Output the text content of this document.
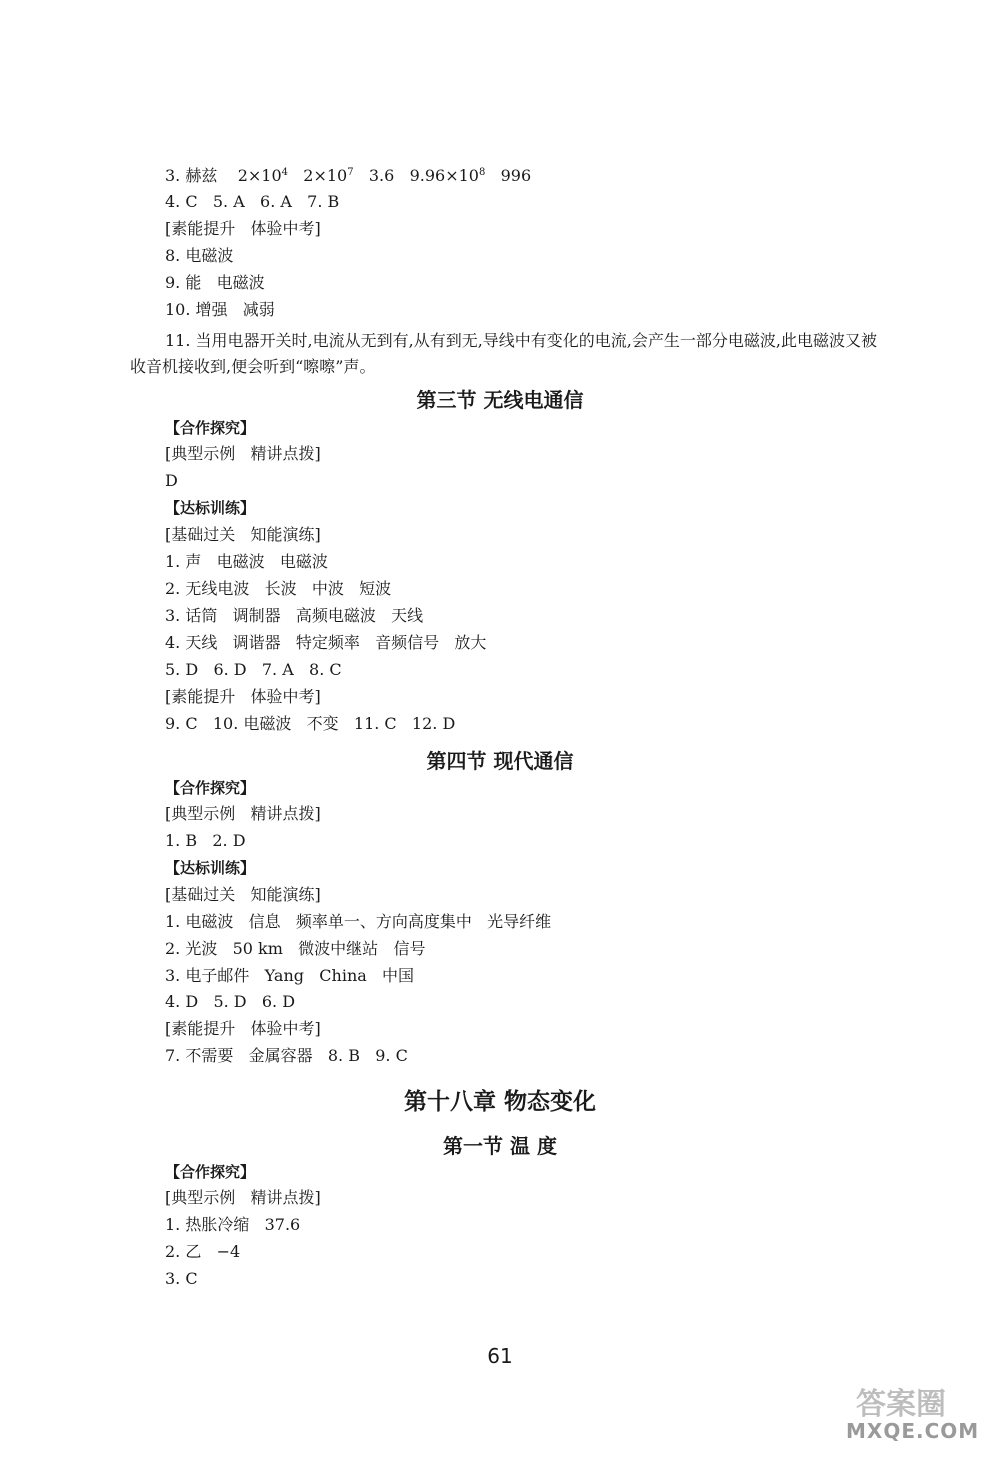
3. 赫兹    $2\times 10^4$   $2\times 10^7$   3.6   $9.96\times 10^8$   996
4. C   5. A   6. A   7. B
[素能提升   体验中考]
8. 电磁波
9. 能   电磁波
10. 增强   减弱
11. 当用电器开关时,电流从无到有,从有到无,导线中有变化的电流,会产生一部分电磁波,此电磁波又被收音机接收到,便会听到“嚓嚓”声。
第三节 无线电通信
【合作探究】
[典型示例   精讲点拨]
D
【达标训练】
[基础过关   知能演练]
1. 声   电磁波   电磁波
2. 无线电波   长波   中波   短波
3. 话筒   调制器   高频电磁波   天线
4. 天线   调谐器   特定频率   音频信号   放大
5. D   6. D   7. A   8. C
[素能提升   体验中考]
9. C   10. 电磁波   不变   11. C   12. D
第四节 现代通信
【合作探究】
[典型示例   精讲点拨]
1. B   2. D
【达标训练】
[基础过关   知能演练]
1. 电磁波   信息   频率单一、方向高度集中   光导纤维
2. 光波   50 km   微波中继站   信号
3. 电子邮件   Yang   China   中国
4. D   5. D   6. D
[素能提升   体验中考]
7. 不需要   金属容器   8. B   9. C
第十八章 物态变化
第一节 温 度
【合作探究】
[典型示例   精讲点拨]
1. 热胀冷缩   37.6
2. 乙   −4
3. C
61
答案圈
MXQE.COM
